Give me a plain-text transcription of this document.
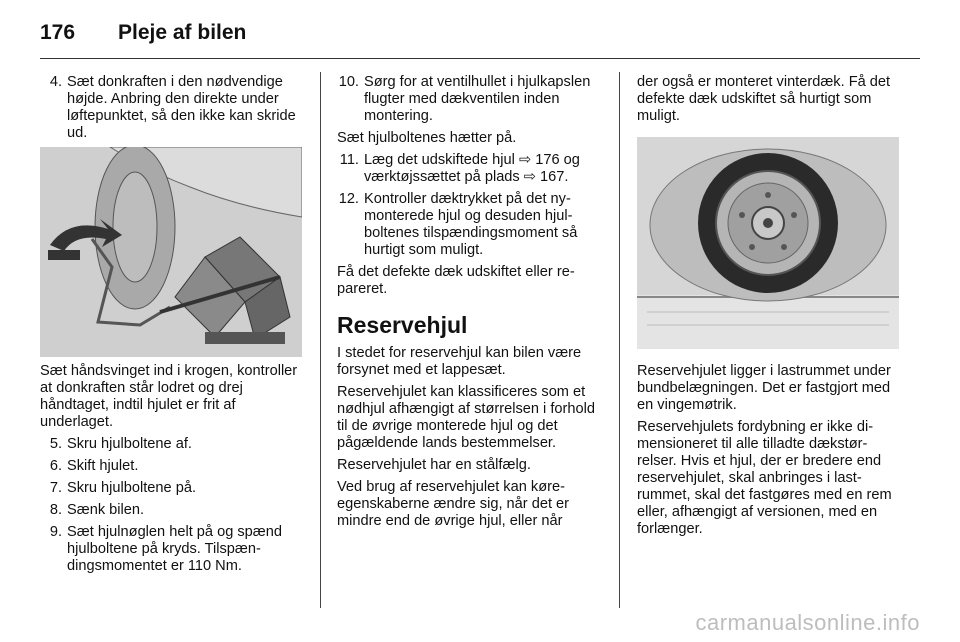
176	Pleje af bilen
4. Sæt donkraften i den nødvendige højde. Anbring den direkte under løftepunktet, så den ikke kan skride ud.

Sæt håndsvinget ind i krogen, kontroller at donkraften står lodret og drej håndtaget, indtil hjulet er frit af underlaget.

5. Skru hjulboltene af.
6. Skift hjulet.
7. Skru hjulboltene på.
8. Sænk bilen.
9. Sæt hjulnøglen helt på og spænd hjulboltene på kryds. Tilspændingsmomentet er 110 Nm.
10. Sørg for at ventilhullet i hjulkapslen flugter med dækventilen inden montering.

Sæt hjulboltenes hætter på.

11. Læg det udskiftede hjul ⇨ 176 og værktøjssættet på plads ⇨ 167.
12. Kontroller dæktrykket på det nymonterede hjul og desuden hjulboltenes tilspændingsmoment så hurtigt som muligt.

Få det defekte dæk udskiftet eller repareret.

Reservehjul

I stedet for reservehjul kan bilen være forsynet med et lappesæt.

Reservehjulet kan klassificeres som et nødhjul afhængigt af størrelsen i forhold til de øvrige monterede hjul og det pågældende lands bestemmelser.

Reservehjulet har en stålfælg.

Ved brug af reservehjulet kan køreegenskaberne ændre sig, når det er mindre end de øvrige hjul, eller når

der også er monteret vinterdæk. Få det defekte dæk udskiftet så hurtigt som muligt.

Reservehjulet ligger i lastrummet under bundbelægningen. Det er fastgjort med en vingemøtrik.

Reservehjulets fordybning er ikke dimensioneret til alle tilladte dækstørrelser. Hvis et hjul, der er bredere end reservehjulet, skal anbringes i lastrummet, skal det fastgøres med en rem eller, afhængigt af versionen, med en forlænger.

carmanualsonline.info
